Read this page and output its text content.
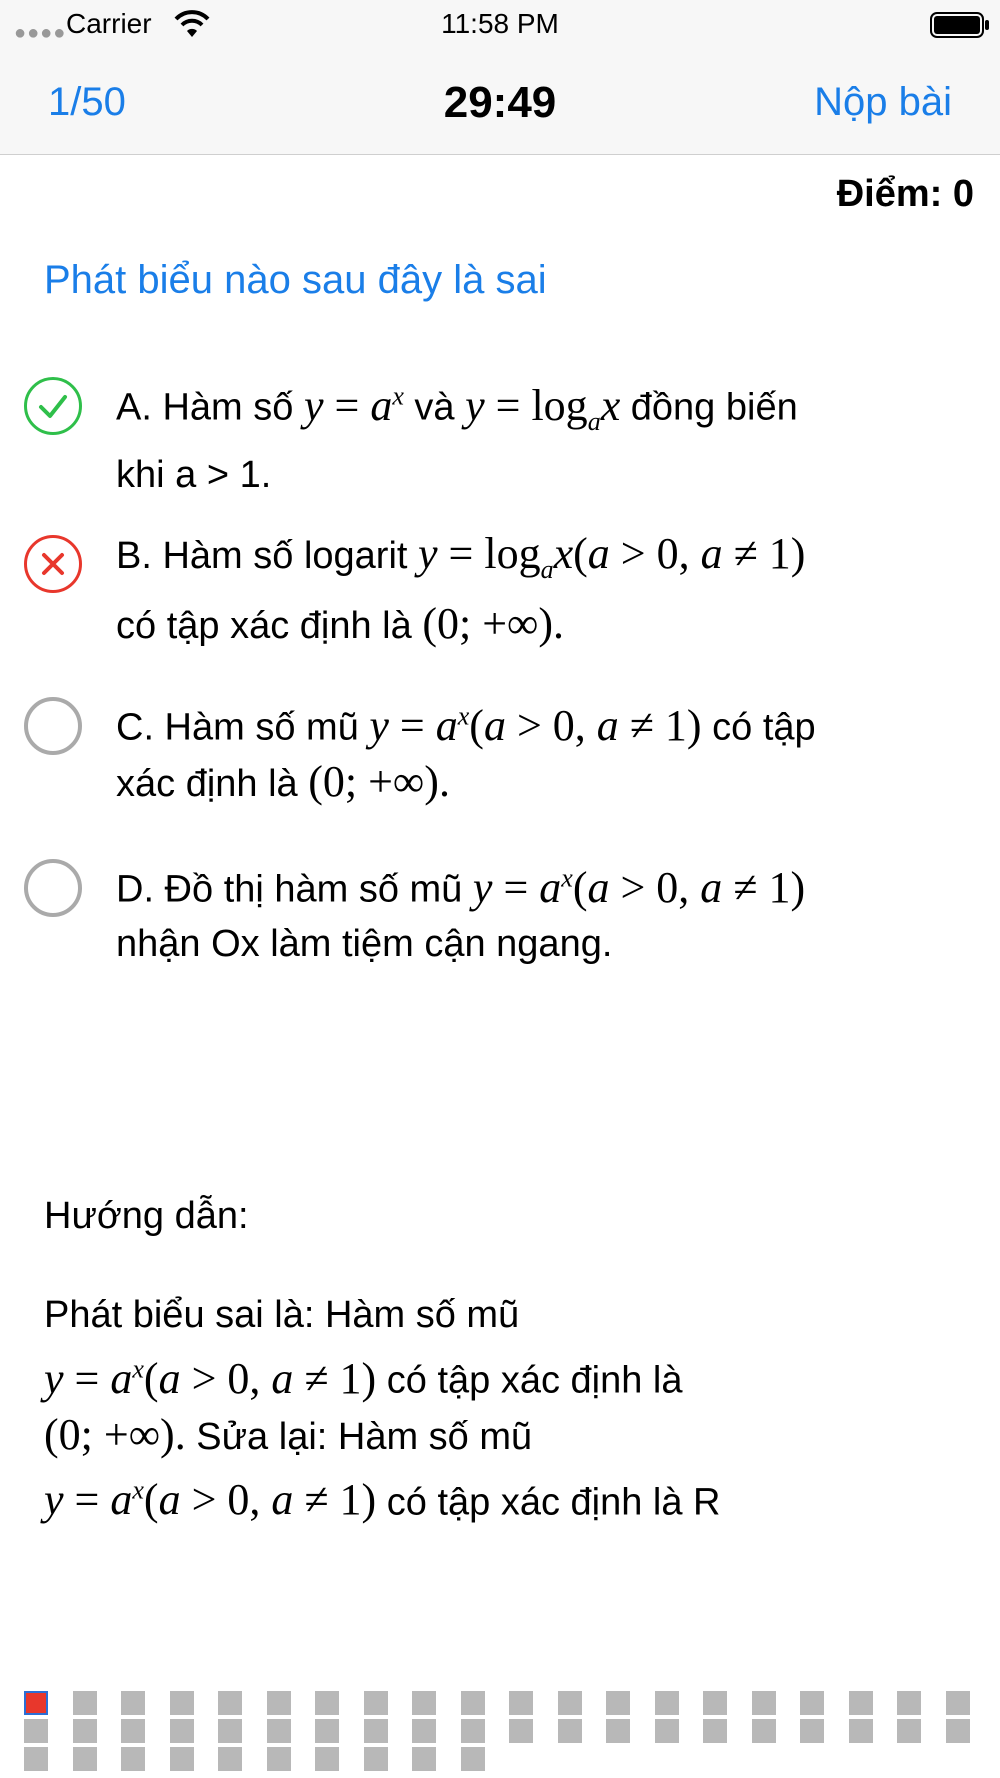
●●●● Carrier	11:58 PM
1/50	29:49	Nộp bài
Điểm: 0
Phát biểu nào sau đây là sai
A. Hàm số $y = a^x$ và $y = \log_ax$ đồng biến
khi a > 1.
B. Hàm số logarit $y = \log_ax(a > 0$, a ≠ 1)
có tập xác định là (0; +∞).
C. Hàm số mũ $y = a^x(a > 0$, a ≠ 1) có tập
xác định là (0; +∞).
D. Đồ thị hàm số mũ $y = a^x(a > 0$, a ≠ 1)
nhận Ox làm tiệm cận ngang.
Hướng dẫn:
Phát biểu sai là: Hàm số mũ
$y = a^x(a > 0$, a ≠ 1) có tập xác định là
(0; +∞). Sửa lại: Hàm số mũ
$y = a^x(a > 0$, a ≠ 1) có tập xác định là R
